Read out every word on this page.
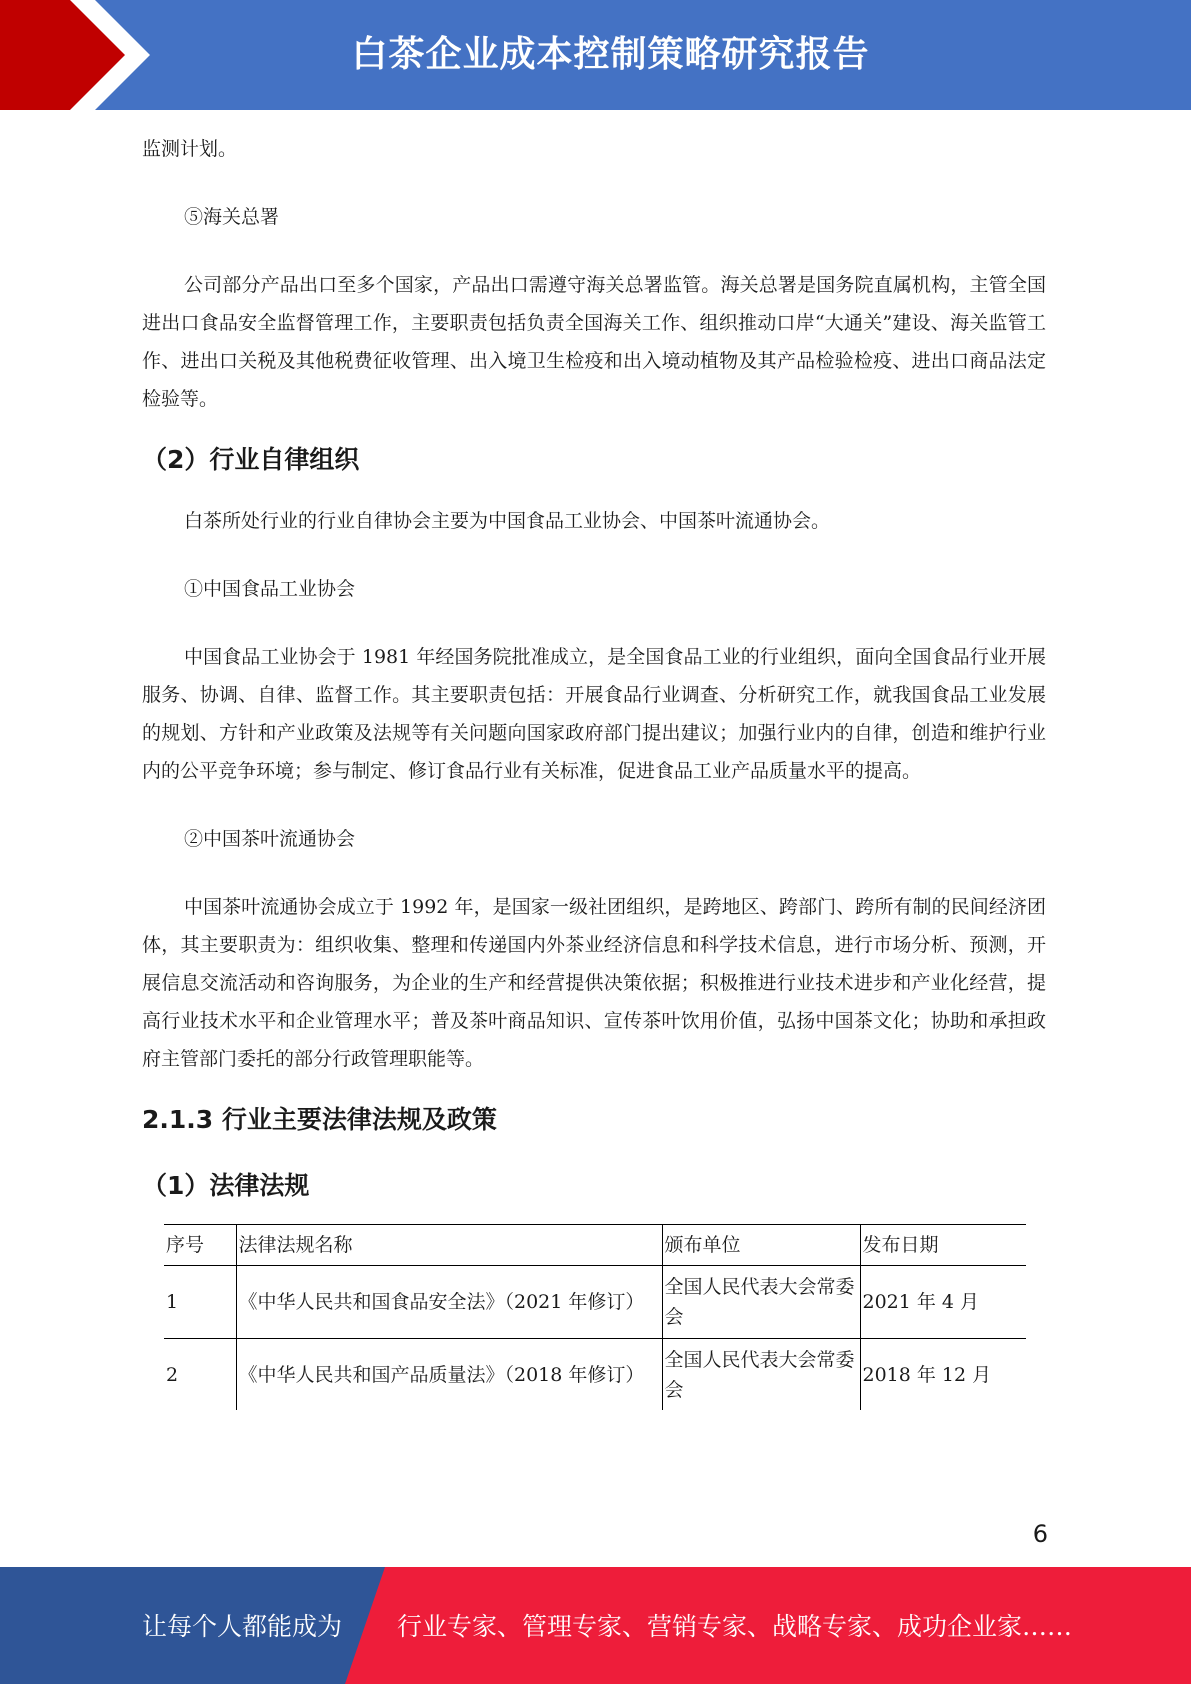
白茶企业成本控制策略研究报告

监测计划。

⑤海关总署

公司部分产品出口至多个国家，产品出口需遵守海关总署监管。海关总署是国务院直属机构，主管全国进出口食品安全监督管理工作，主要职责包括负责全国海关工作、组织推动口岸“大通关”建设、海关监管工作、进出口关税及其他税费征收管理、出入境卫生检疫和出入境动植物及其产品检验检疫、进出口商品法定检验等。

（2）行业自律组织

白茶所处行业的行业自律协会主要为中国食品工业协会、中国茶叶流通协会。

①中国食品工业协会

中国食品工业协会于 1981 年经国务院批准成立，是全国食品工业的行业组织，面向全国食品行业开展服务、协调、自律、监督工作。其主要职责包括：开展食品行业调查、分析研究工作，就我国食品工业发展的规划、方针和产业政策及法规等有关问题向国家政府部门提出建议；加强行业内的自律，创造和维护行业内的公平竞争环境；参与制定、修订食品行业有关标准，促进食品工业产品质量水平的提高。

②中国茶叶流通协会

中国茶叶流通协会成立于 1992 年，是国家一级社团组织，是跨地区、跨部门、跨所有制的民间经济团体，其主要职责为：组织收集、整理和传递国内外茶业经济信息和科学技术信息，进行市场分析、预测，开展信息交流活动和咨询服务，为企业的生产和经营提供决策依据；积极推进行业技术进步和产业化经营，提高行业技术水平和企业管理水平；普及茶叶商品知识、宣传茶叶饮用价值，弘扬中国茶文化；协助和承担政府主管部门委托的部分行政管理职能等。

2.1.3 行业主要法律法规及政策
（1）法律法规
序号	法律法规名称	颁布单位	发布日期
1	《中华人民共和国食品安全法》（2021 年修订）	全国人民代表大会常委会	2021 年 4 月
2	《中华人民共和国产品质量法》（2018 年修订）	全国人民代表大会常委会	2018 年 12 月
6
让每个人都能成为 行业专家、管理专家、营销专家、战略专家、成功企业家……
